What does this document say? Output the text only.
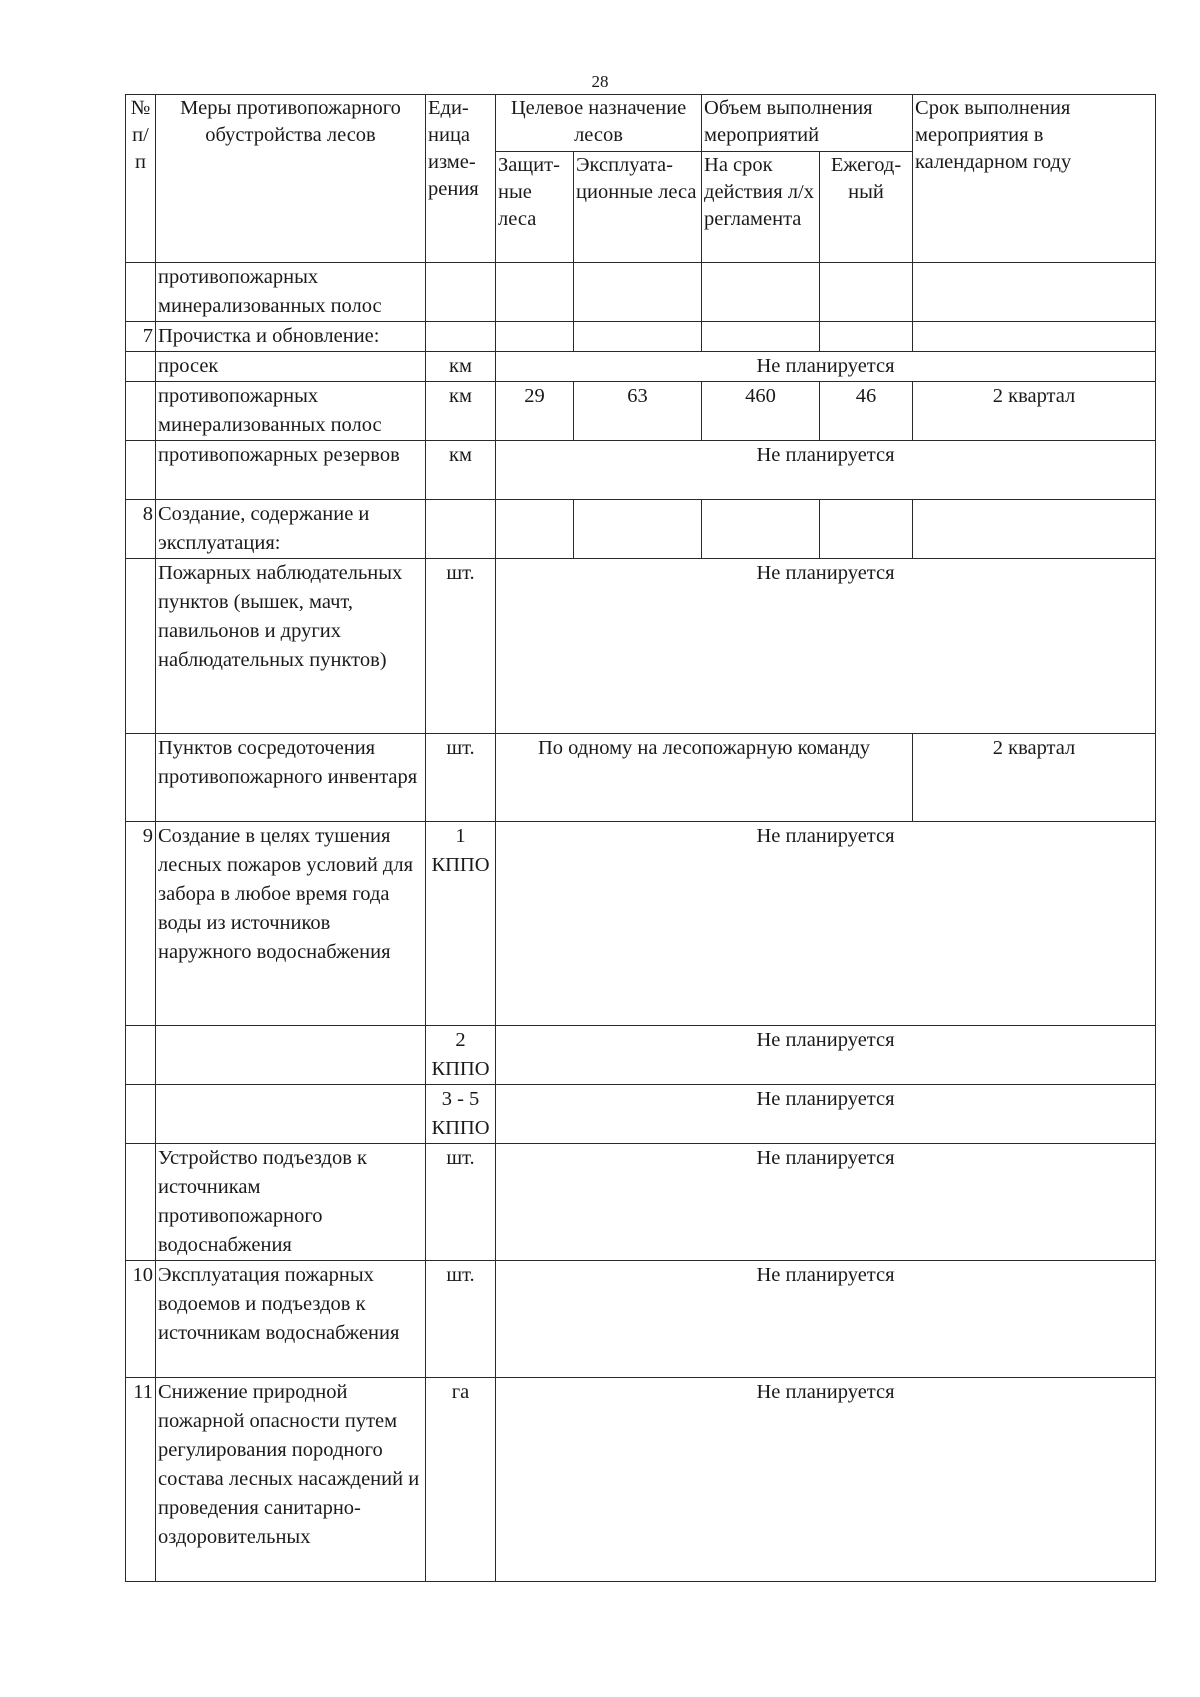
28
№ п/п	Меры противопожарного обустройства лесов	Еди-ница изме-рения	Целевое назначение лесов		Объем выполнения мероприятий		Срок выполнения мероприятия в календарном году
			Защит-ные леса	Эксплуата-ционные леса	На срок действия л/х регламента	Ежегод-ный	
	противопожарных минерализованных полос						
7	Прочистка и обновление:						
	просек	км	Не планируется				
	противопожарных минерализованных полос	км	29	63	460	46	2 квартал
	противопожарных резервов	км	Не планируется				
8	Создание, содержание и эксплуатация:						
	Пожарных наблюдательных пунктов (вышек, мачт, павильонов и других наблюдательных пунктов)	шт.	Не планируется				
	Пунктов сосредоточения противопожарного инвентаря	шт.	По одному на лесопожарную команду				2 квартал
9	Создание в целях тушения лесных пожаров условий для забора в любое время года воды из источников наружного водоснабжения	1 КППО	Не планируется				
		2 КППО	Не планируется				
		3 - 5 КППО	Не планируется				
	Устройство подъездов к источникам противопожарного водоснабжения	шт.	Не планируется				
10	Эксплуатация пожарных водоемов и подъездов к источникам водоснабжения	шт.	Не планируется				
11	Снижение природной пожарной опасности путем регулирования породного состава лесных насаждений и проведения санитарно-оздоровительных	га	Не планируется				
